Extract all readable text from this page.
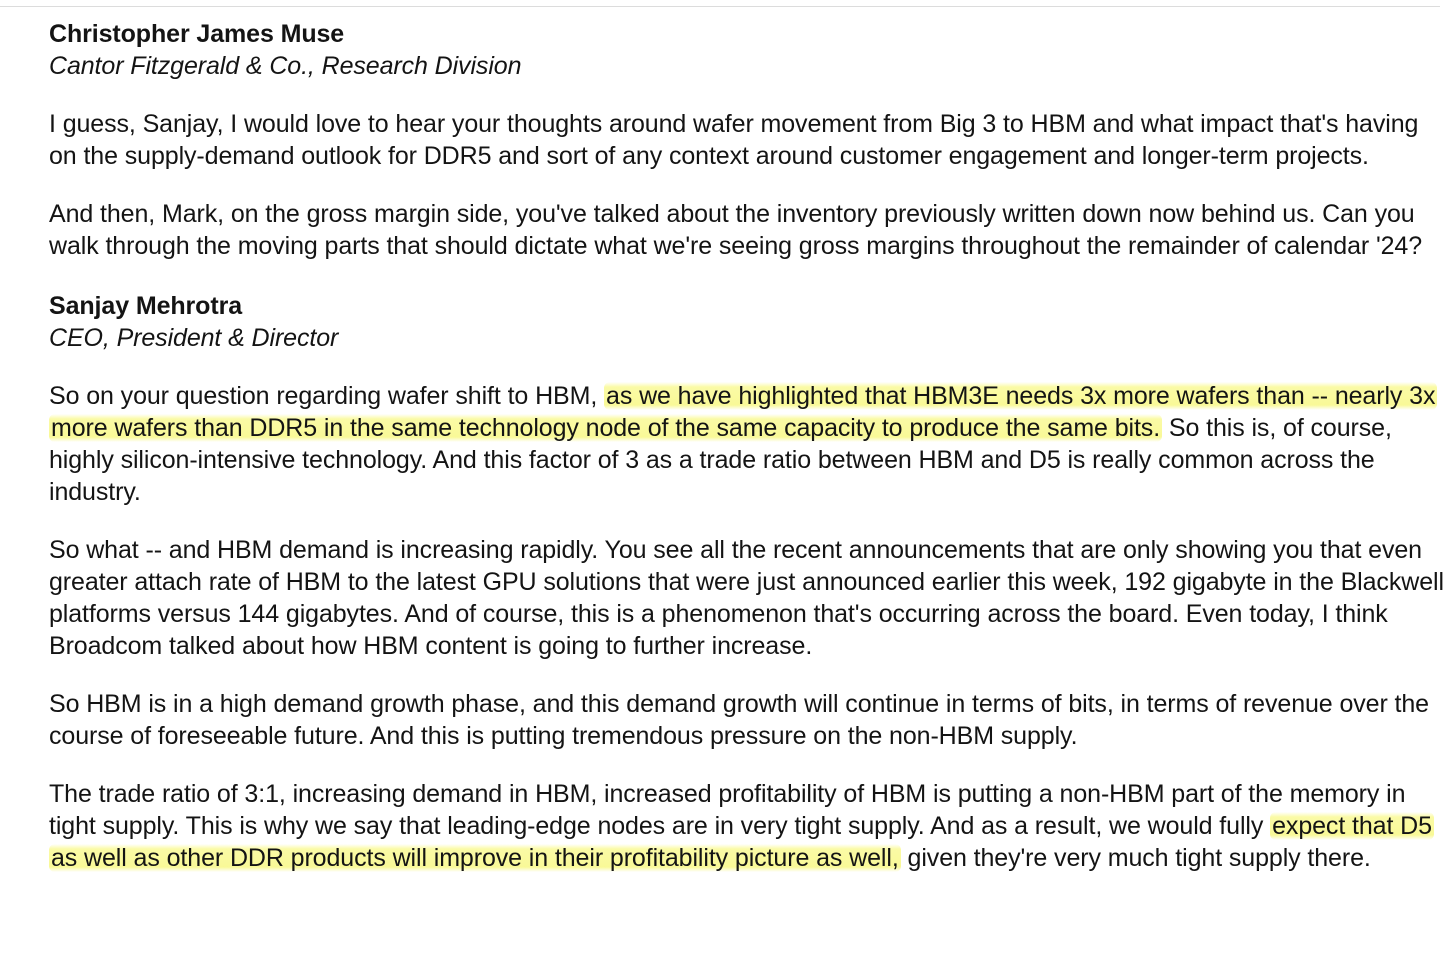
Christopher James Muse

Cantor Fitzgerald & Co., Research Division

I guess, Sanjay, I would love to hear your thoughts around wafer movement from Big 3 to HBM and what impact that's having on the supply-demand outlook for DDR5 and sort of any context around customer engagement and longer-term projects.

And then, Mark, on the gross margin side, you've talked about the inventory previously written down now behind us. Can you walk through the moving parts that should dictate what we're seeing gross margins throughout the remainder of calendar '24?

Sanjay Mehrotra

CEO, President & Director

So on your question regarding wafer shift to HBM, as we have highlighted that HBM3E needs 3x more wafers than -- nearly 3x more wafers than DDR5 in the same technology node of the same capacity to produce the same bits. So this is, of course, highly silicon-intensive technology. And this factor of 3 as a trade ratio between HBM and D5 is really common across the industry.

So what -- and HBM demand is increasing rapidly. You see all the recent announcements that are only showing you that even greater attach rate of HBM to the latest GPU solutions that were just announced earlier this week, 192 gigabyte in the Blackwell platforms versus 144 gigabytes. And of course, this is a phenomenon that's occurring across the board. Even today, I think Broadcom talked about how HBM content is going to further increase.

So HBM is in a high demand growth phase, and this demand growth will continue in terms of bits, in terms of revenue over the course of foreseeable future. And this is putting tremendous pressure on the non-HBM supply.

The trade ratio of 3:1, increasing demand in HBM, increased profitability of HBM is putting a non-HBM part of the memory in tight supply. This is why we say that leading-edge nodes are in very tight supply. And as a result, we would fully expect that D5 as well as other DDR products will improve in their profitability picture as well, given they're very much tight supply there.
